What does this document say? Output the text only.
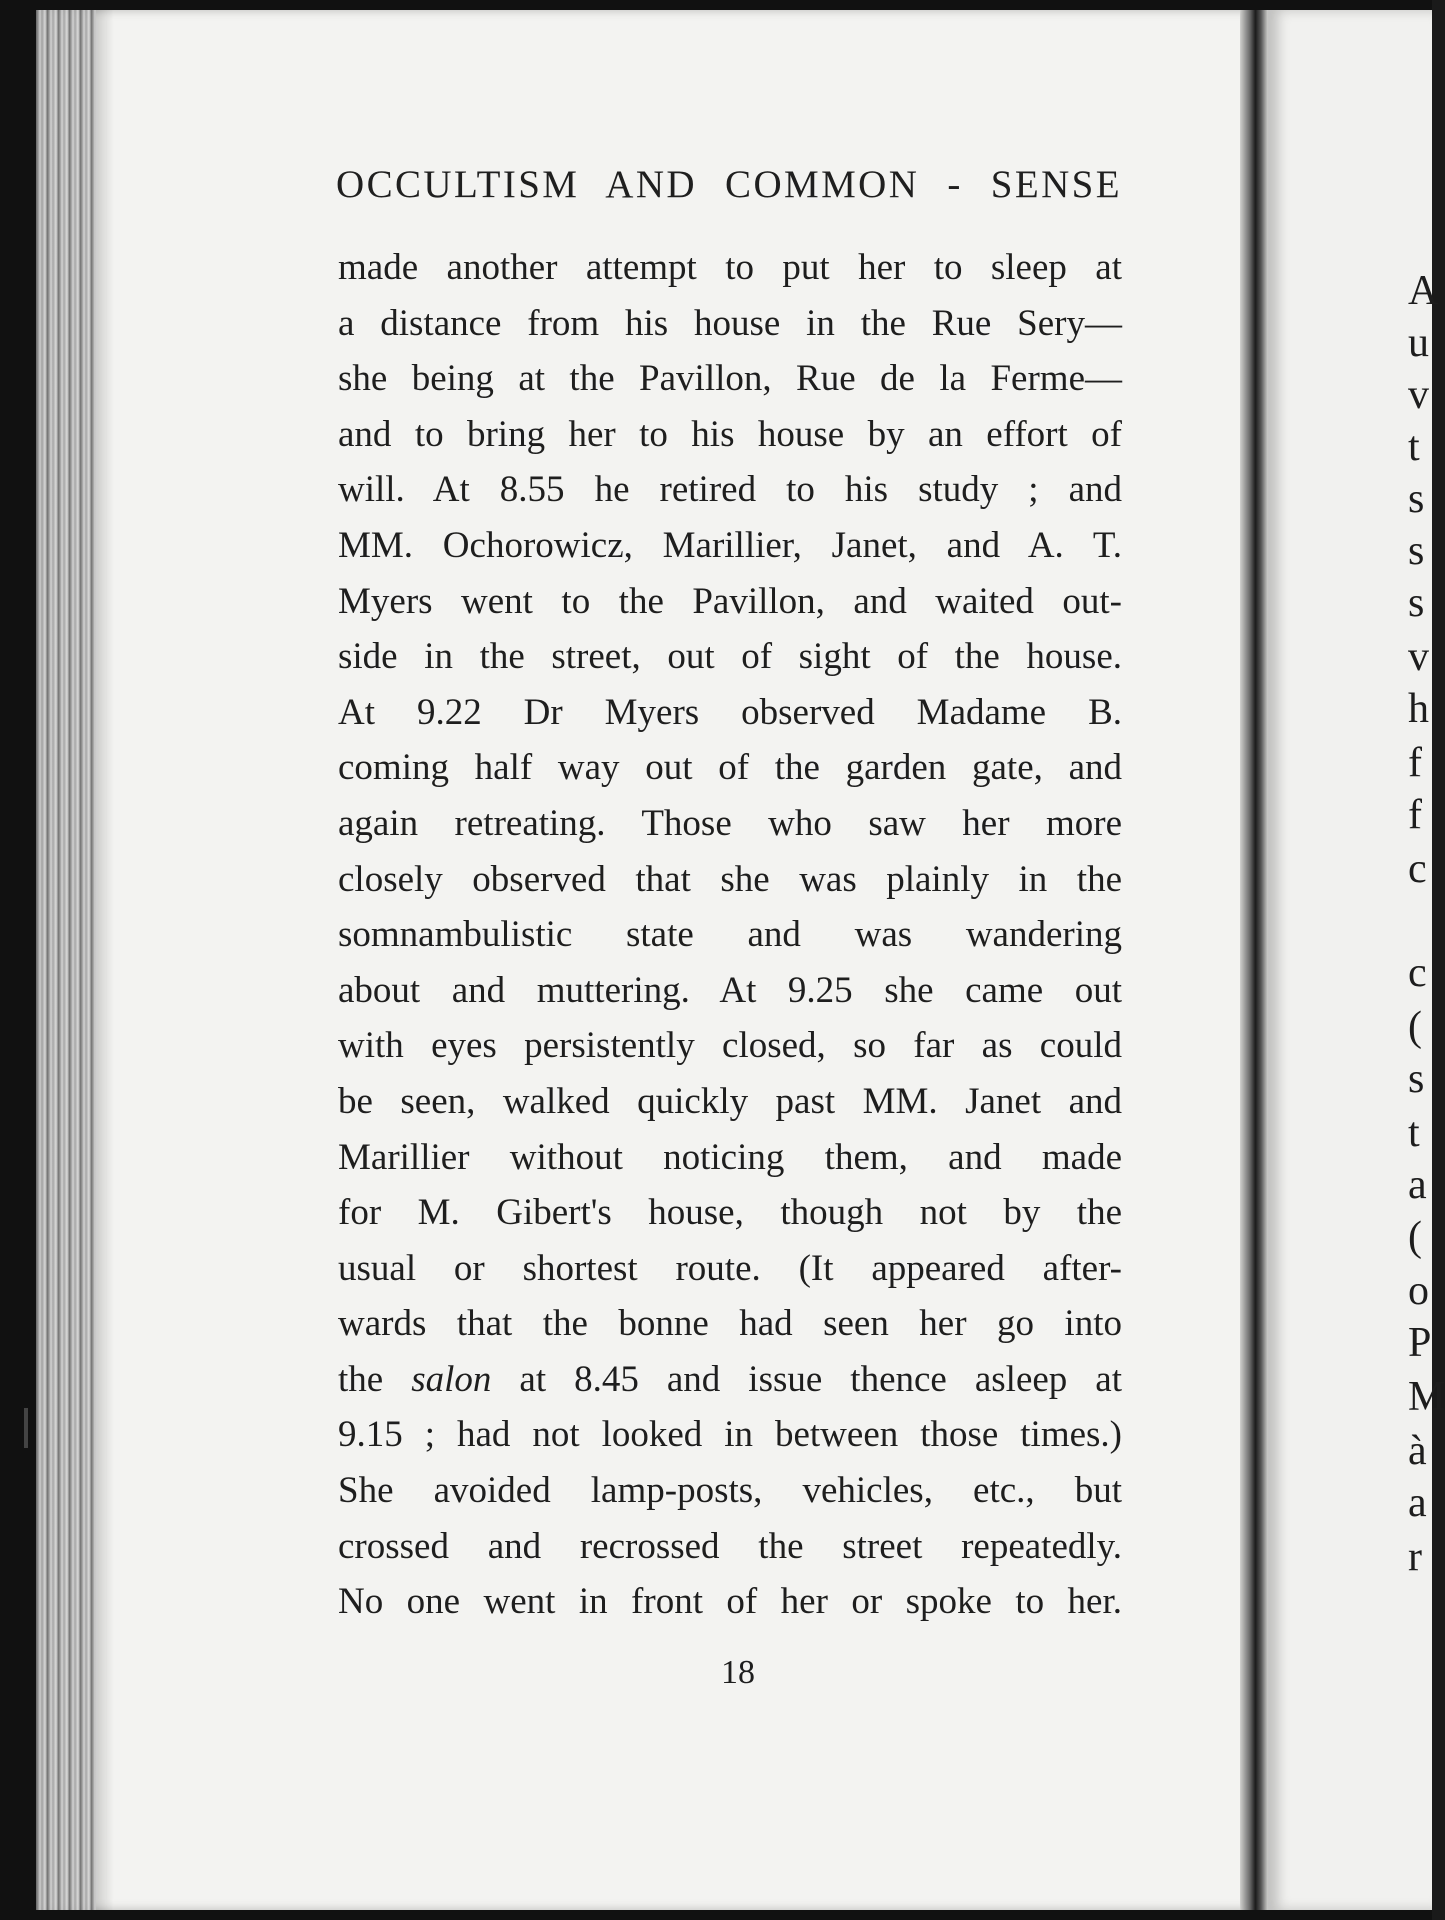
OCCULTISM AND COMMON - SENSE
made another attempt to put her to sleep at
a distance from his house in the Rue Sery—
she being at the Pavillon, Rue de la Ferme—
and to bring her to his house by an effort of
will. At 8.55 he retired to his study ; and
MM. Ochorowicz, Marillier, Janet, and A. T.
Myers went to the Pavillon, and waited out-
side in the street, out of sight of the house.
At 9.22 Dr Myers observed Madame B.
coming half way out of the garden gate, and
again retreating. Those who saw her more
closely observed that she was plainly in the
somnambulistic state and was wandering
about and muttering. At 9.25 she came out
with eyes persistently closed, so far as could
be seen, walked quickly past MM. Janet and
Marillier without noticing them, and made
for M. Gibert's house, though not by the
usual or shortest route. (It appeared after-
wards that the bonne had seen her go into
the salon at 8.45 and issue thence asleep at
9.15 ; had not looked in between those times.)
She avoided lamp-posts, vehicles, etc., but
crossed and recrossed the street repeatedly.
No one went in front of her or spoke to her.
18
A
u
v
t
s
s
s
v
h
f
f
c
c
(
s
t
a
(
o
P
M
à
a
r
